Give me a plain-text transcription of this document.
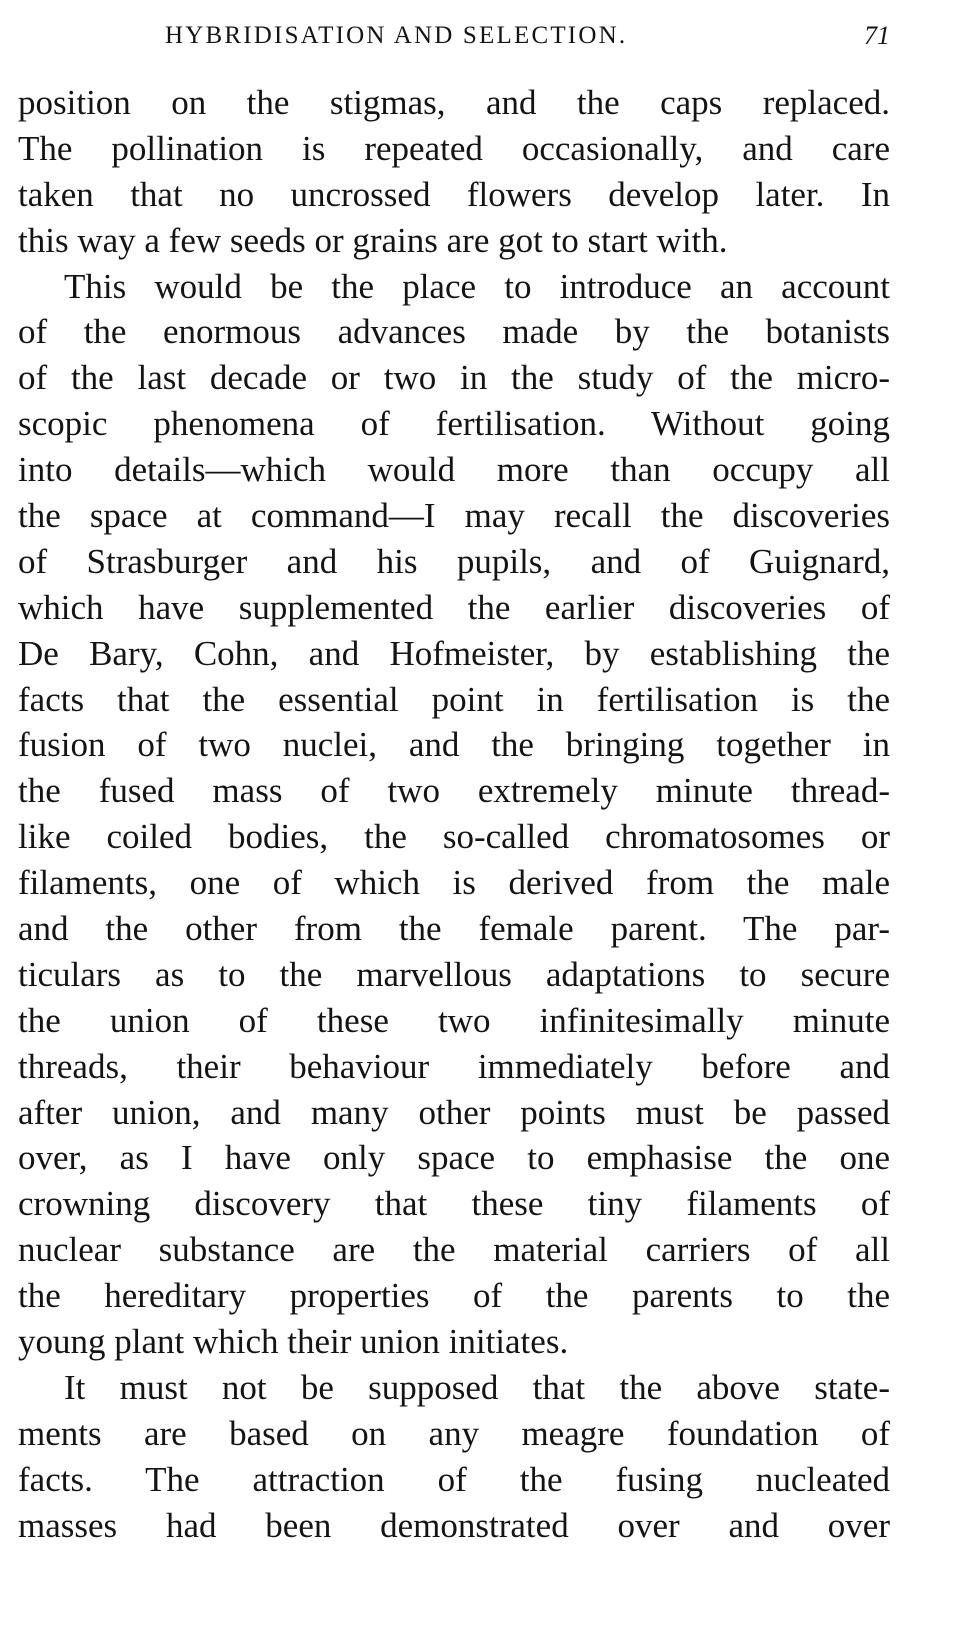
HYBRIDISATION AND SELECTION.	71
position on the stigmas, and the caps replaced.
The pollination is repeated occasionally, and care
taken that no uncrossed flowers develop later. In
this way a few seeds or grains are got to start with.
This would be the place to introduce an account
of the enormous advances made by the botanists
of the last decade or two in the study of the micro-
scopic phenomena of fertilisation. Without going
into details—which would more than occupy all
the space at command—I may recall the discoveries
of Strasburger and his pupils, and of Guignard,
which have supplemented the earlier discoveries of
De Bary, Cohn, and Hofmeister, by establishing the
facts that the essential point in fertilisation is the
fusion of two nuclei, and the bringing together in
the fused mass of two extremely minute thread-
like coiled bodies, the so-called chromatosomes or
filaments, one of which is derived from the male
and the other from the female parent. The par-
ticulars as to the marvellous adaptations to secure
the union of these two infinitesimally minute
threads, their behaviour immediately before and
after union, and many other points must be passed
over, as I have only space to emphasise the one
crowning discovery that these tiny filaments of
nuclear substance are the material carriers of all
the hereditary properties of the parents to the
young plant which their union initiates.
It must not be supposed that the above state-
ments are based on any meagre foundation of
facts. The attraction of the fusing nucleated
masses had been demonstrated over and over
